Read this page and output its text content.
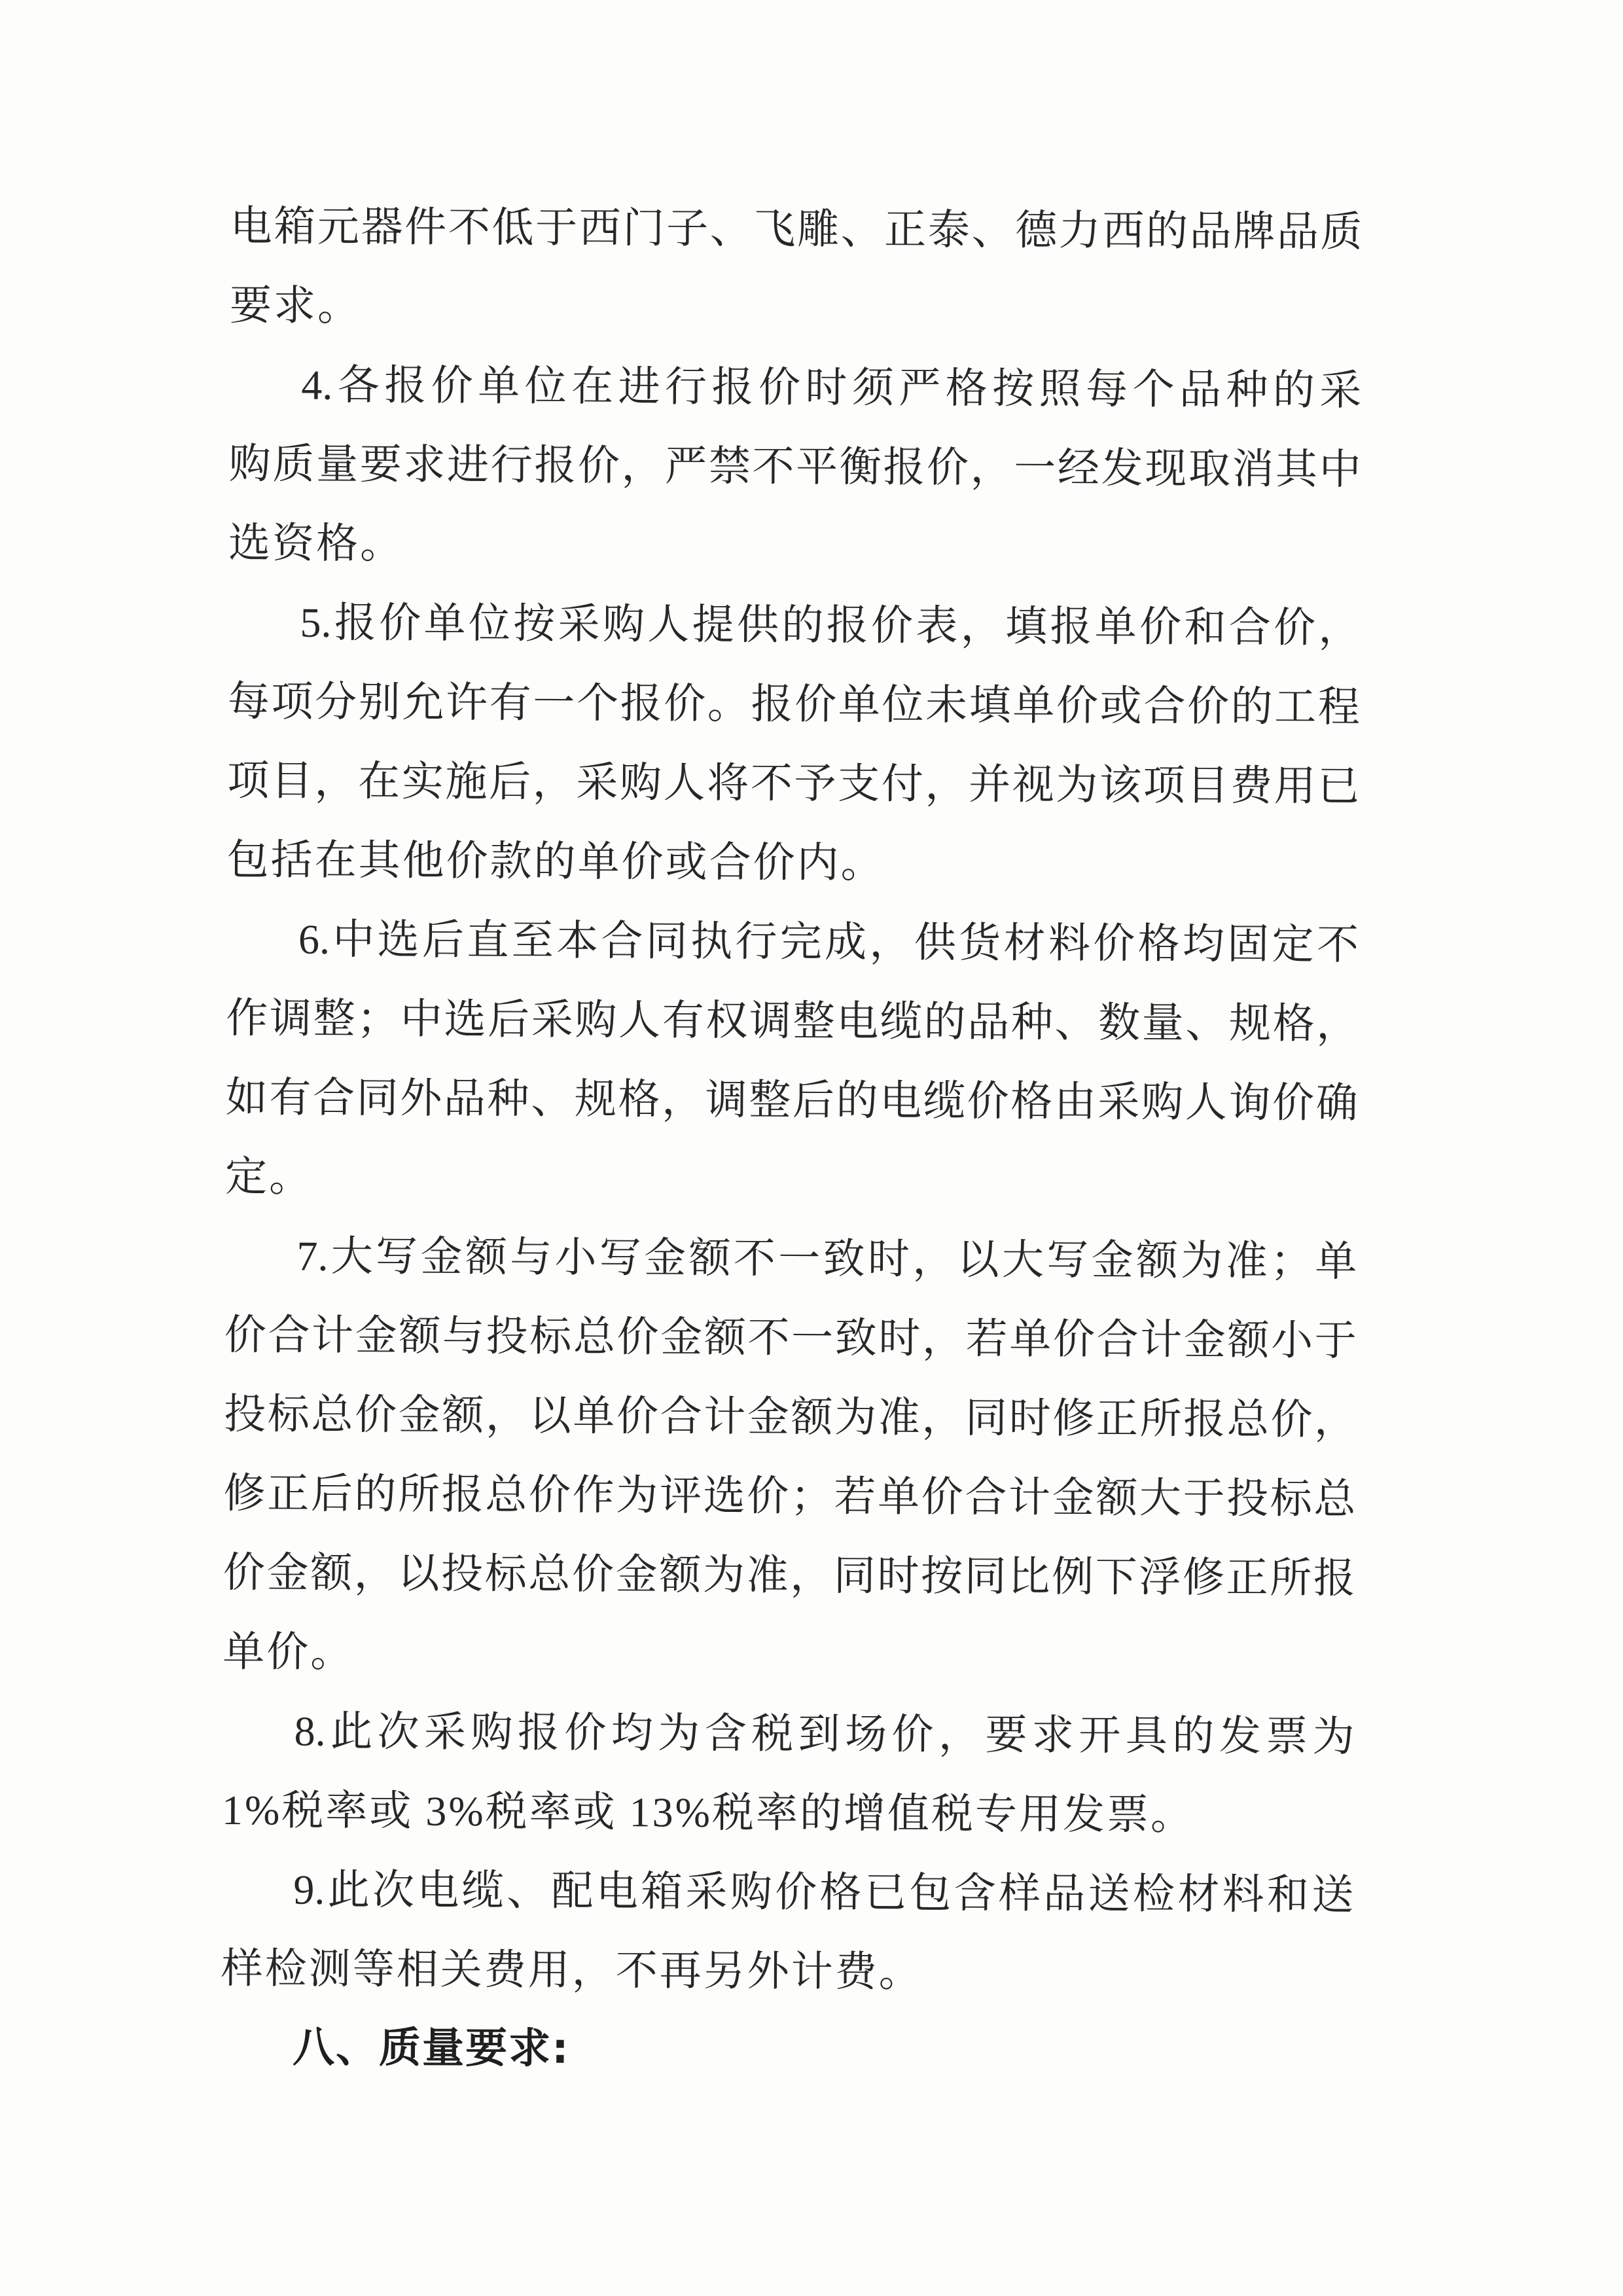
电箱元器件不低于西门子、飞雕、正泰、德力西的品牌品质
要求。
4.各报价单位在进行报价时须严格按照每个品种的采
购质量要求进行报价，严禁不平衡报价，一经发现取消其中
选资格。
5.报价单位按采购人提供的报价表，填报单价和合价，
每项分别允许有一个报价。报价单位未填单价或合价的工程
项目，在实施后，采购人将不予支付，并视为该项目费用已
包括在其他价款的单价或合价内。
6.中选后直至本合同执行完成，供货材料价格均固定不
作调整；中选后采购人有权调整电缆的品种、数量、规格，
如有合同外品种、规格，调整后的电缆价格由采购人询价确
定。
7.大写金额与小写金额不一致时，以大写金额为准；单
价合计金额与投标总价金额不一致时，若单价合计金额小于
投标总价金额，以单价合计金额为准，同时修正所报总价，
修正后的所报总价作为评选价；若单价合计金额大于投标总
价金额，以投标总价金额为准，同时按同比例下浮修正所报
单价。
8.此次采购报价均为含税到场价，要求开具的发票为
1%税率或 3%税率或 13%税率的增值税专用发票。
9.此次电缆、配电箱采购价格已包含样品送检材料和送
样检测等相关费用，不再另外计费。
八、质量要求:
